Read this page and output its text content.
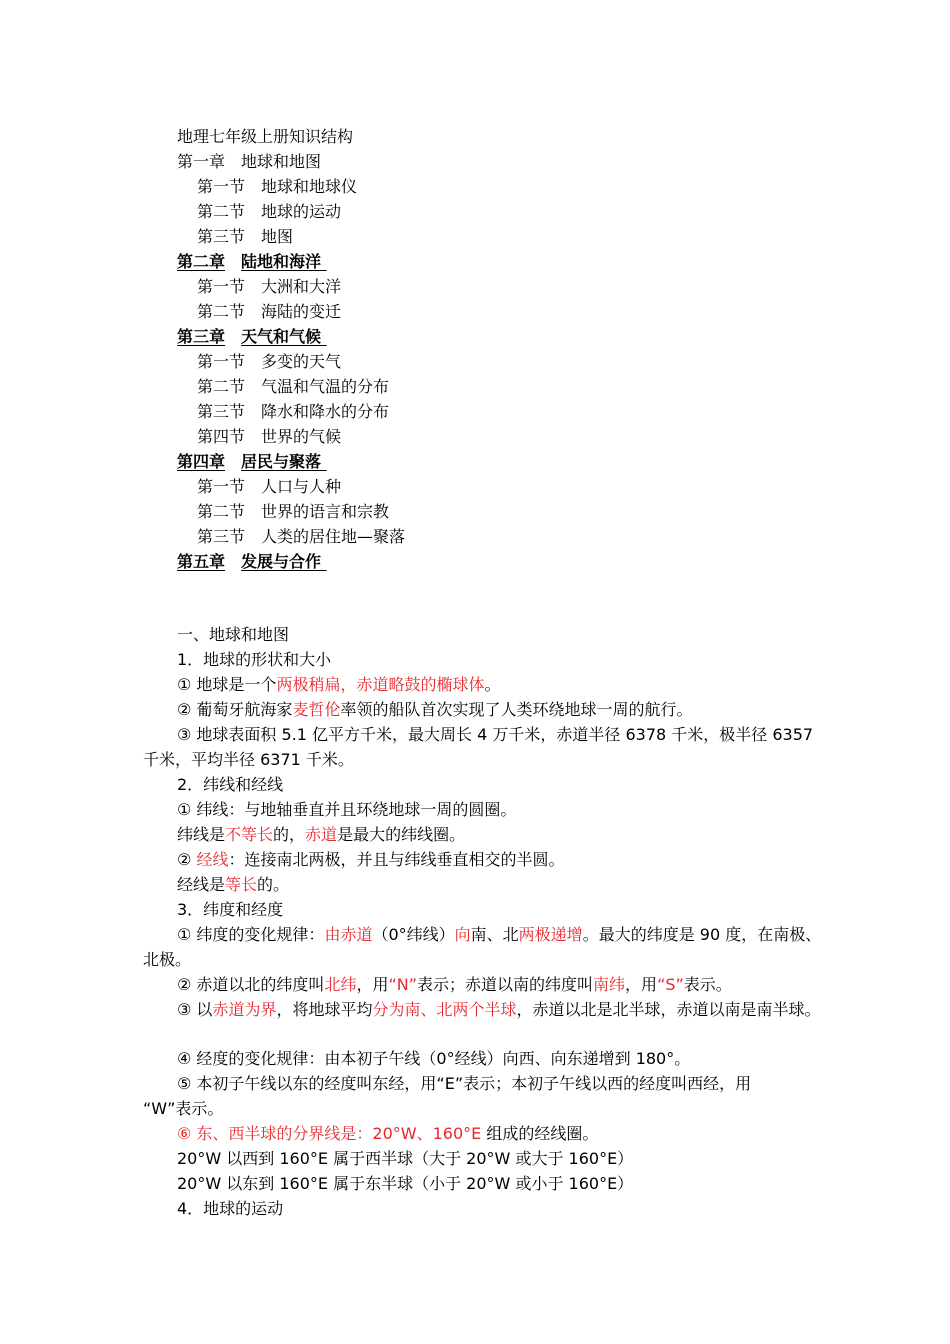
地理七年级上册知识结构
第一章 地球和地图
第一节 地球和地球仪
第二节 地球的运动
第三节 地图
第二章 陆地和海洋
第一节 大洲和大洋
第二节 海陆的变迁
第三章 天气和气候
第一节 多变的天气
第二节 气温和气温的分布
第三节 降水和降水的分布
第四节 世界的气候
第四章 居民与聚落
第一节 人口与人种
第二节 世界的语言和宗教
第三节 人类的居住地—聚落
第五章 发展与合作
一、地球和地图
1．地球的形状和大小
① 地球是一个两极稍扁，赤道略鼓的椭球体。
② 葡萄牙航海家麦哲伦率领的船队首次实现了人类环绕地球一周的航行。
③ 地球表面积 5.1 亿平方千米，最大周长 4 万千米，赤道半径 6378 千米，极半径 6357
千米，平均半径 6371 千米。
2．纬线和经线
① 纬线：与地轴垂直并且环绕地球一周的圆圈。
纬线是不等长的，赤道是最大的纬线圈。
② 经线：连接南北两极，并且与纬线垂直相交的半圆。
经线是等长的。
3．纬度和经度
① 纬度的变化规律：由赤道（0°纬线）向南、北两极递增。最大的纬度是 90 度，在南极、
北极。
② 赤道以北的纬度叫北纬，用“N”表示；赤道以南的纬度叫南纬，用“S”表示。
③ 以赤道为界，将地球平均分为南、北两个半球，赤道以北是北半球，赤道以南是南半球。
④ 经度的变化规律：由本初子午线（0°经线）向西、向东递增到 180°。
⑤ 本初子午线以东的经度叫东经，用“E”表示；本初子午线以西的经度叫西经，用
“W”表示。
⑥ 东、西半球的分界线是：20°W、160°E 组成的经线圈。
20°W 以西到 160°E 属于西半球（大于 20°W 或大于 160°E）
20°W 以东到 160°E 属于东半球（小于 20°W 或小于 160°E）
4．地球的运动
